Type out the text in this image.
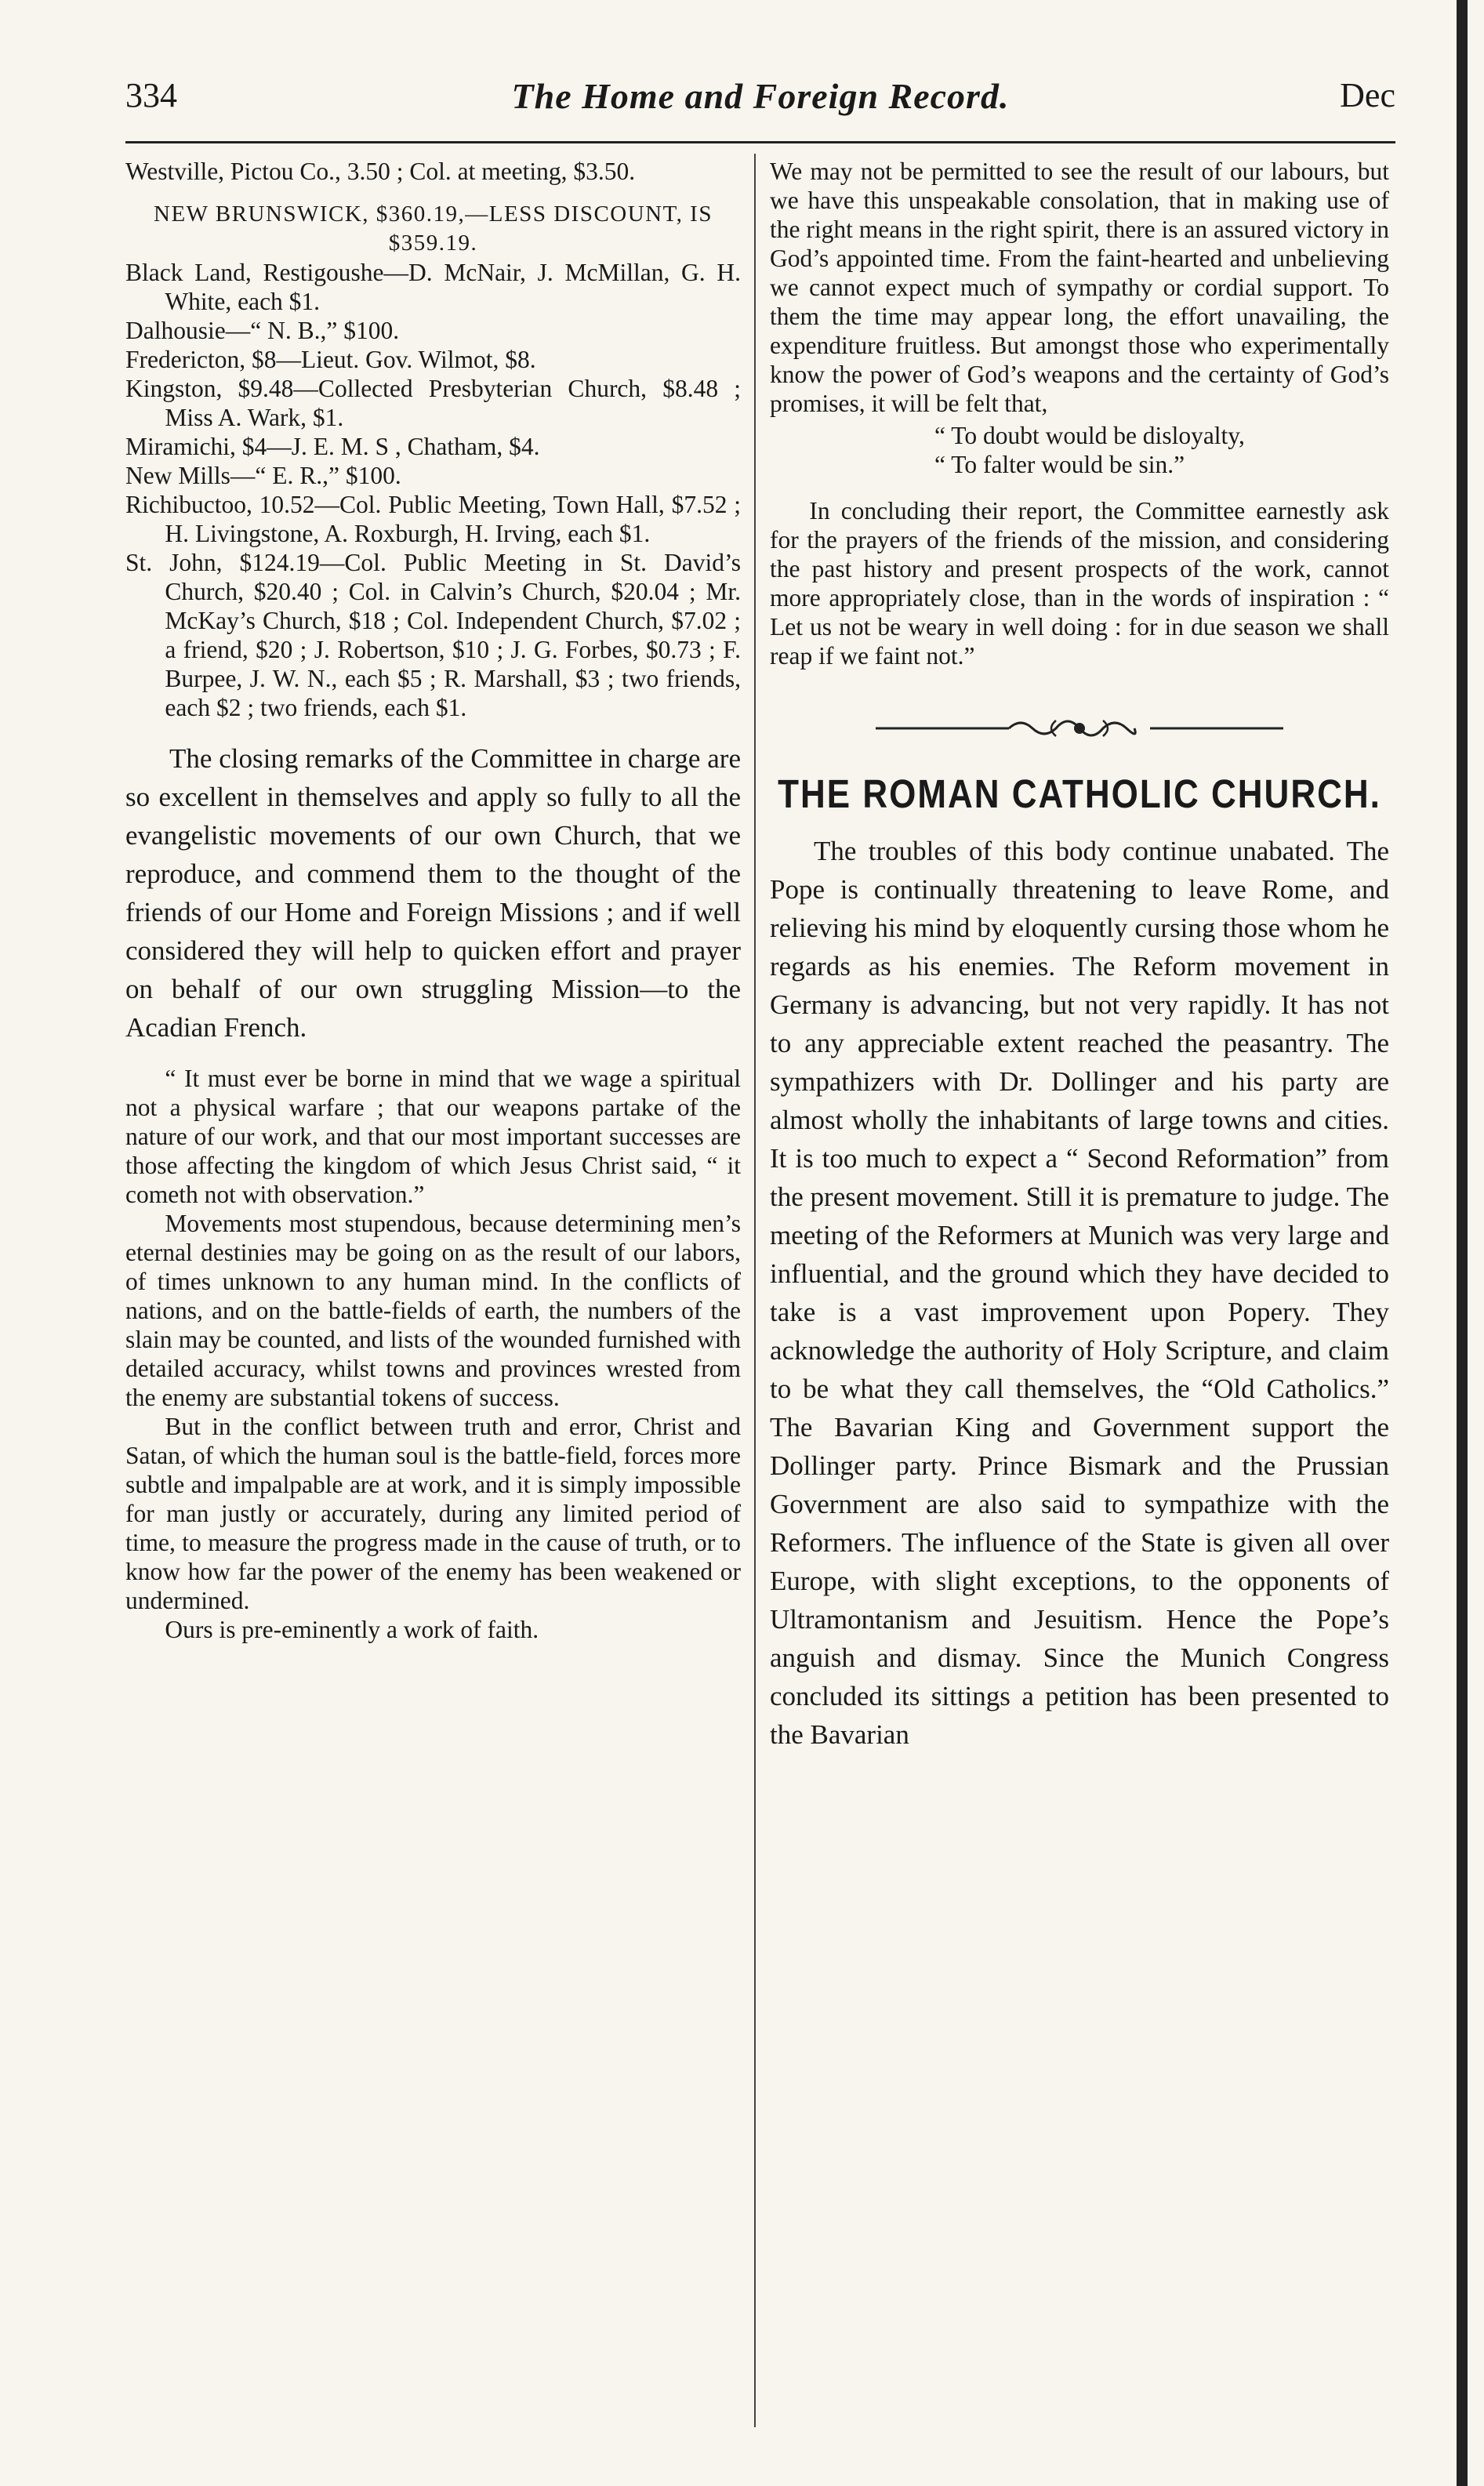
334	The Home and Foreign Record.	Dec

Westville, Pictou Co., 3.50 ; Col. at meeting, $3.50.

NEW BRUNSWICK, $360.19,—LESS DISCOUNT, IS $359.19.

Black Land, Restigoushe—D. McNair, J. McMillan, G. H. White, each $1.

Dalhousie—“ N. B.,” $100.

Fredericton, $8—Lieut. Gov. Wilmot, $8.

Kingston, $9.48—Collected Presbyterian Church, $8.48 ; Miss A. Wark, $1.

Miramichi, $4—J. E. M. S , Chatham, $4.

New Mills—“ E. R.,” $100.

Richibuctoo, 10.52—Col. Public Meeting, Town Hall, $7.52 ; H. Livingstone, A. Roxburgh, H. Irving, each $1.

St. John, $124.19—Col. Public Meeting in St. David’s Church, $20.40 ; Col. in Calvin’s Church, $20.04 ; Mr. McKay’s Church, $18 ; Col. Independent Church, $7.02 ; a friend, $20 ; J. Robertson, $10 ; J. G. Forbes, $0.73 ; F. Burpee, J. W. N., each $5 ; R. Marshall, $3 ; two friends, each $2 ; two friends, each $1.

The closing remarks of the Committee in charge are so excellent in themselves and apply so fully to all the evangelistic movements of our own Church, that we reproduce, and commend them to the thought of the friends of our Home and Foreign Missions ; and if well considered they will help to quicken effort and prayer on behalf of our own struggling Mission—to the Acadian French.

“ It must ever be borne in mind that we wage a spiritual not a physical warfare ; that our weapons partake of the nature of our work, and that our most important successes are those affecting the kingdom of which Jesus Christ said, “ it cometh not with observation.”

Movements most stupendous, because determining men’s eternal destinies may be going on as the result of our labors, of times unknown to any human mind. In the conflicts of nations, and on the battle-fields of earth, the numbers of the slain may be counted, and lists of the wounded furnished with detailed accuracy, whilst towns and provinces wrested from the enemy are substantial tokens of success.

But in the conflict between truth and error, Christ and Satan, of which the human soul is the battle-field, forces more subtle and impalpable are at work, and it is simply impossible for man justly or accurately, during any limited period of time, to measure the progress made in the cause of truth, or to know how far the power of the enemy has been weakened or undermined.

Ours is pre-eminently a work of faith.

We may not be permitted to see the result of our labours, but we have this unspeakable consolation, that in making use of the right means in the right spirit, there is an assured victory in God’s appointed time. From the faint-hearted and unbelieving we cannot expect much of sympathy or cordial support. To them the time may appear long, the effort unavailing, the expenditure fruitless. But amongst those who experimentally know the power of God’s weapons and the certainty of God’s promises, it will be felt that,

“ To doubt would be disloyalty,
“ To falter would be sin.”

In concluding their report, the Committee earnestly ask for the prayers of the friends of the mission, and considering the past history and present prospects of the work, cannot more appropriately close, than in the words of inspiration : “ Let us not be weary in well doing : for in due season we shall reap if we faint not.”

THE ROMAN CATHOLIC CHURCH.

The troubles of this body continue unabated. The Pope is continually threatening to leave Rome, and relieving his mind by eloquently cursing those whom he regards as his enemies. The Reform movement in Germany is advancing, but not very rapidly. It has not to any appreciable extent reached the peasantry. The sympathizers with Dr. Dollinger and his party are almost wholly the inhabitants of large towns and cities. It is too much to expect a “ Second Reformation” from the present movement. Still it is premature to judge. The meeting of the Reformers at Munich was very large and influential, and the ground which they have decided to take is a vast improvement upon Popery. They acknowledge the authority of Holy Scripture, and claim to be what they call themselves, the “Old Catholics.” The Bavarian King and Government support the Dollinger party. Prince Bismark and the Prussian Government are also said to sympathize with the Reformers. The influence of the State is given all over Europe, with slight exceptions, to the opponents of Ultramontanism and Jesuitism. Hence the Pope’s anguish and dismay. Since the Munich Congress concluded its sittings a petition has been presented to the Bavarian
